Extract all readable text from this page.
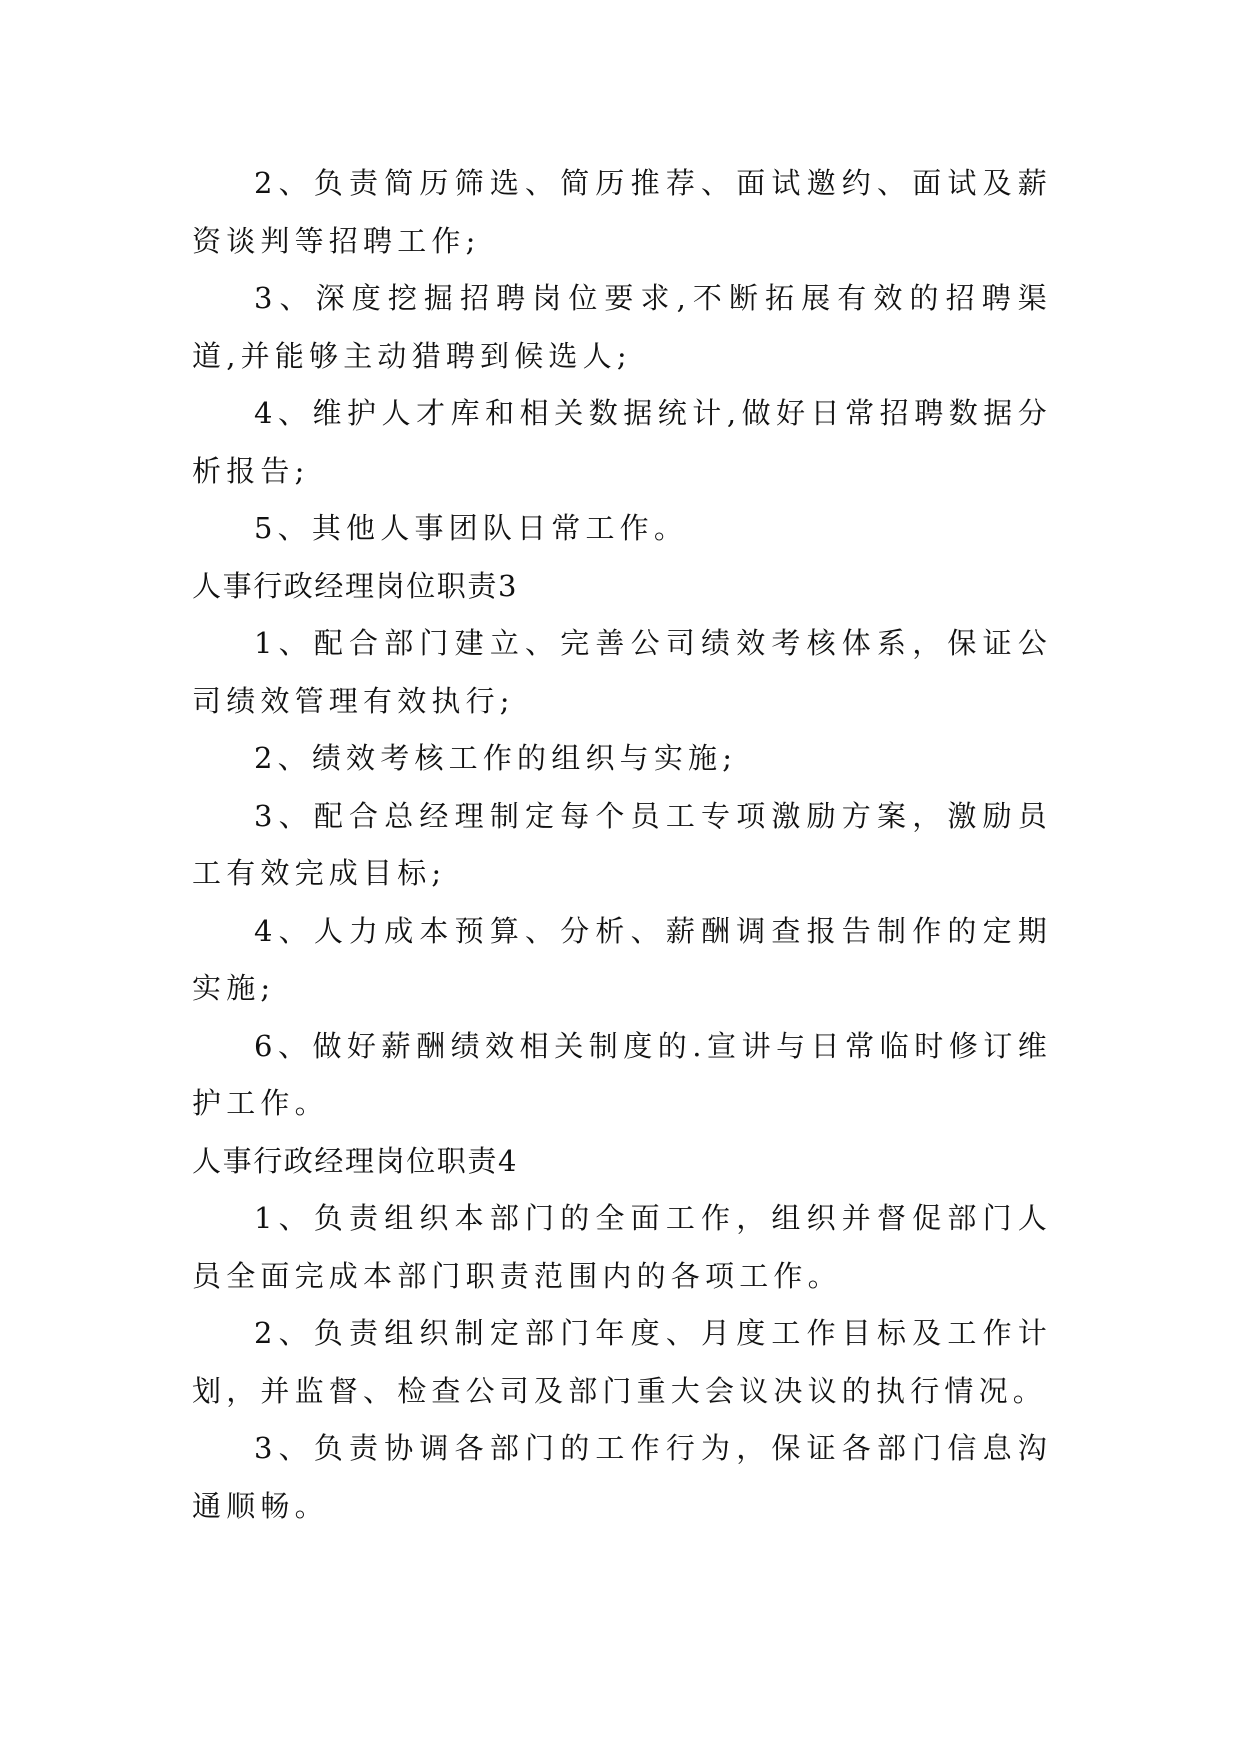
2、负责简历筛选、简历推荐、面试邀约、面试及薪资谈判等招聘工作;

3、深度挖掘招聘岗位要求,不断拓展有效的招聘渠道,并能够主动猎聘到候选人;

4、维护人才库和相关数据统计,做好日常招聘数据分析报告;

5、其他人事团队日常工作。

人事行政经理岗位职责3

1、配合部门建立、完善公司绩效考核体系，保证公司绩效管理有效执行;

2、绩效考核工作的组织与实施;

3、配合总经理制定每个员工专项激励方案，激励员工有效完成目标;

4、人力成本预算、分析、薪酬调查报告制作的定期实施;

6、做好薪酬绩效相关制度的.宣讲与日常临时修订维护工作。

人事行政经理岗位职责4

1、负责组织本部门的全面工作，组织并督促部门人员全面完成本部门职责范围内的各项工作。

2、负责组织制定部门年度、月度工作目标及工作计划，并监督、检查公司及部门重大会议决议的执行情况。

3、负责协调各部门的工作行为，保证各部门信息沟通顺畅。
